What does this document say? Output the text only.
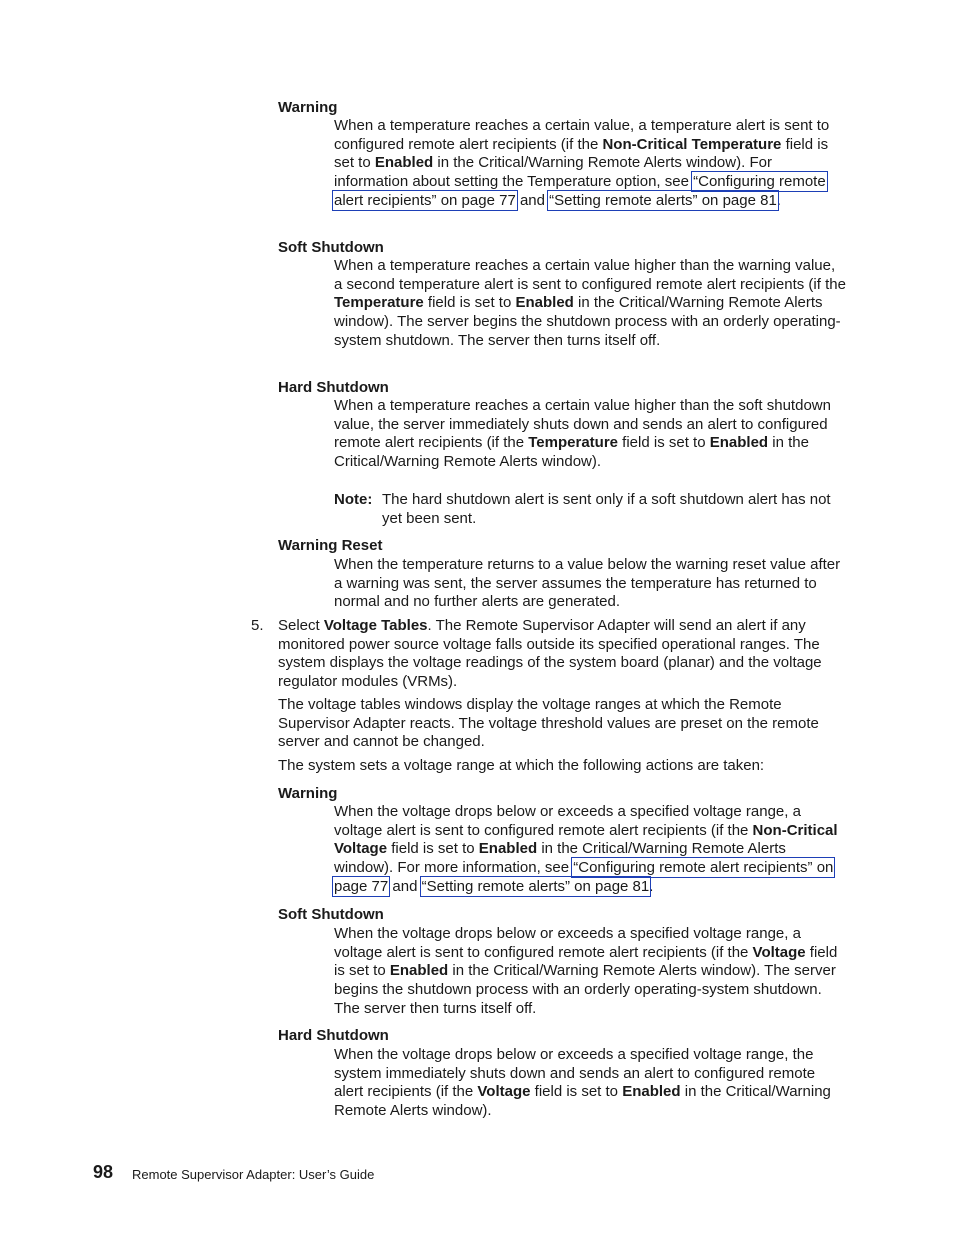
Warning
When a temperature reaches a certain value, a temperature alert is sent to configured remote alert recipients (if the Non-Critical Temperature field is set to Enabled in the Critical/Warning Remote Alerts window). For information about setting the Temperature option, see “Configuring remote alert recipients” on page 77 and “Setting remote alerts” on page 81.
Soft Shutdown
When a temperature reaches a certain value higher than the warning value, a second temperature alert is sent to configured remote alert recipients (if the Temperature field is set to Enabled in the Critical/Warning Remote Alerts window). The server begins the shutdown process with an orderly operating-system shutdown. The server then turns itself off.
Hard Shutdown
When a temperature reaches a certain value higher than the soft shutdown value, the server immediately shuts down and sends an alert to configured remote alert recipients (if the Temperature field is set to Enabled in the Critical/Warning Remote Alerts window).
Note: The hard shutdown alert is sent only if a soft shutdown alert has not yet been sent.
Warning Reset
When the temperature returns to a value below the warning reset value after a warning was sent, the server assumes the temperature has returned to normal and no further alerts are generated.
5. Select Voltage Tables. The Remote Supervisor Adapter will send an alert if any monitored power source voltage falls outside its specified operational ranges. The system displays the voltage readings of the system board (planar) and the voltage regulator modules (VRMs).
The voltage tables windows display the voltage ranges at which the Remote Supervisor Adapter reacts. The voltage threshold values are preset on the remote server and cannot be changed.
The system sets a voltage range at which the following actions are taken:
Warning
When the voltage drops below or exceeds a specified voltage range, a voltage alert is sent to configured remote alert recipients (if the Non-Critical Voltage field is set to Enabled in the Critical/Warning Remote Alerts window). For more information, see “Configuring remote alert recipients” on page 77 and “Setting remote alerts” on page 81.
Soft Shutdown
When the voltage drops below or exceeds a specified voltage range, a voltage alert is sent to configured remote alert recipients (if the Voltage field is set to Enabled in the Critical/Warning Remote Alerts window). The server begins the shutdown process with an orderly operating-system shutdown. The server then turns itself off.
Hard Shutdown
When the voltage drops below or exceeds a specified voltage range, the system immediately shuts down and sends an alert to configured remote alert recipients (if the Voltage field is set to Enabled in the Critical/Warning Remote Alerts window).
98 Remote Supervisor Adapter: User’s Guide
